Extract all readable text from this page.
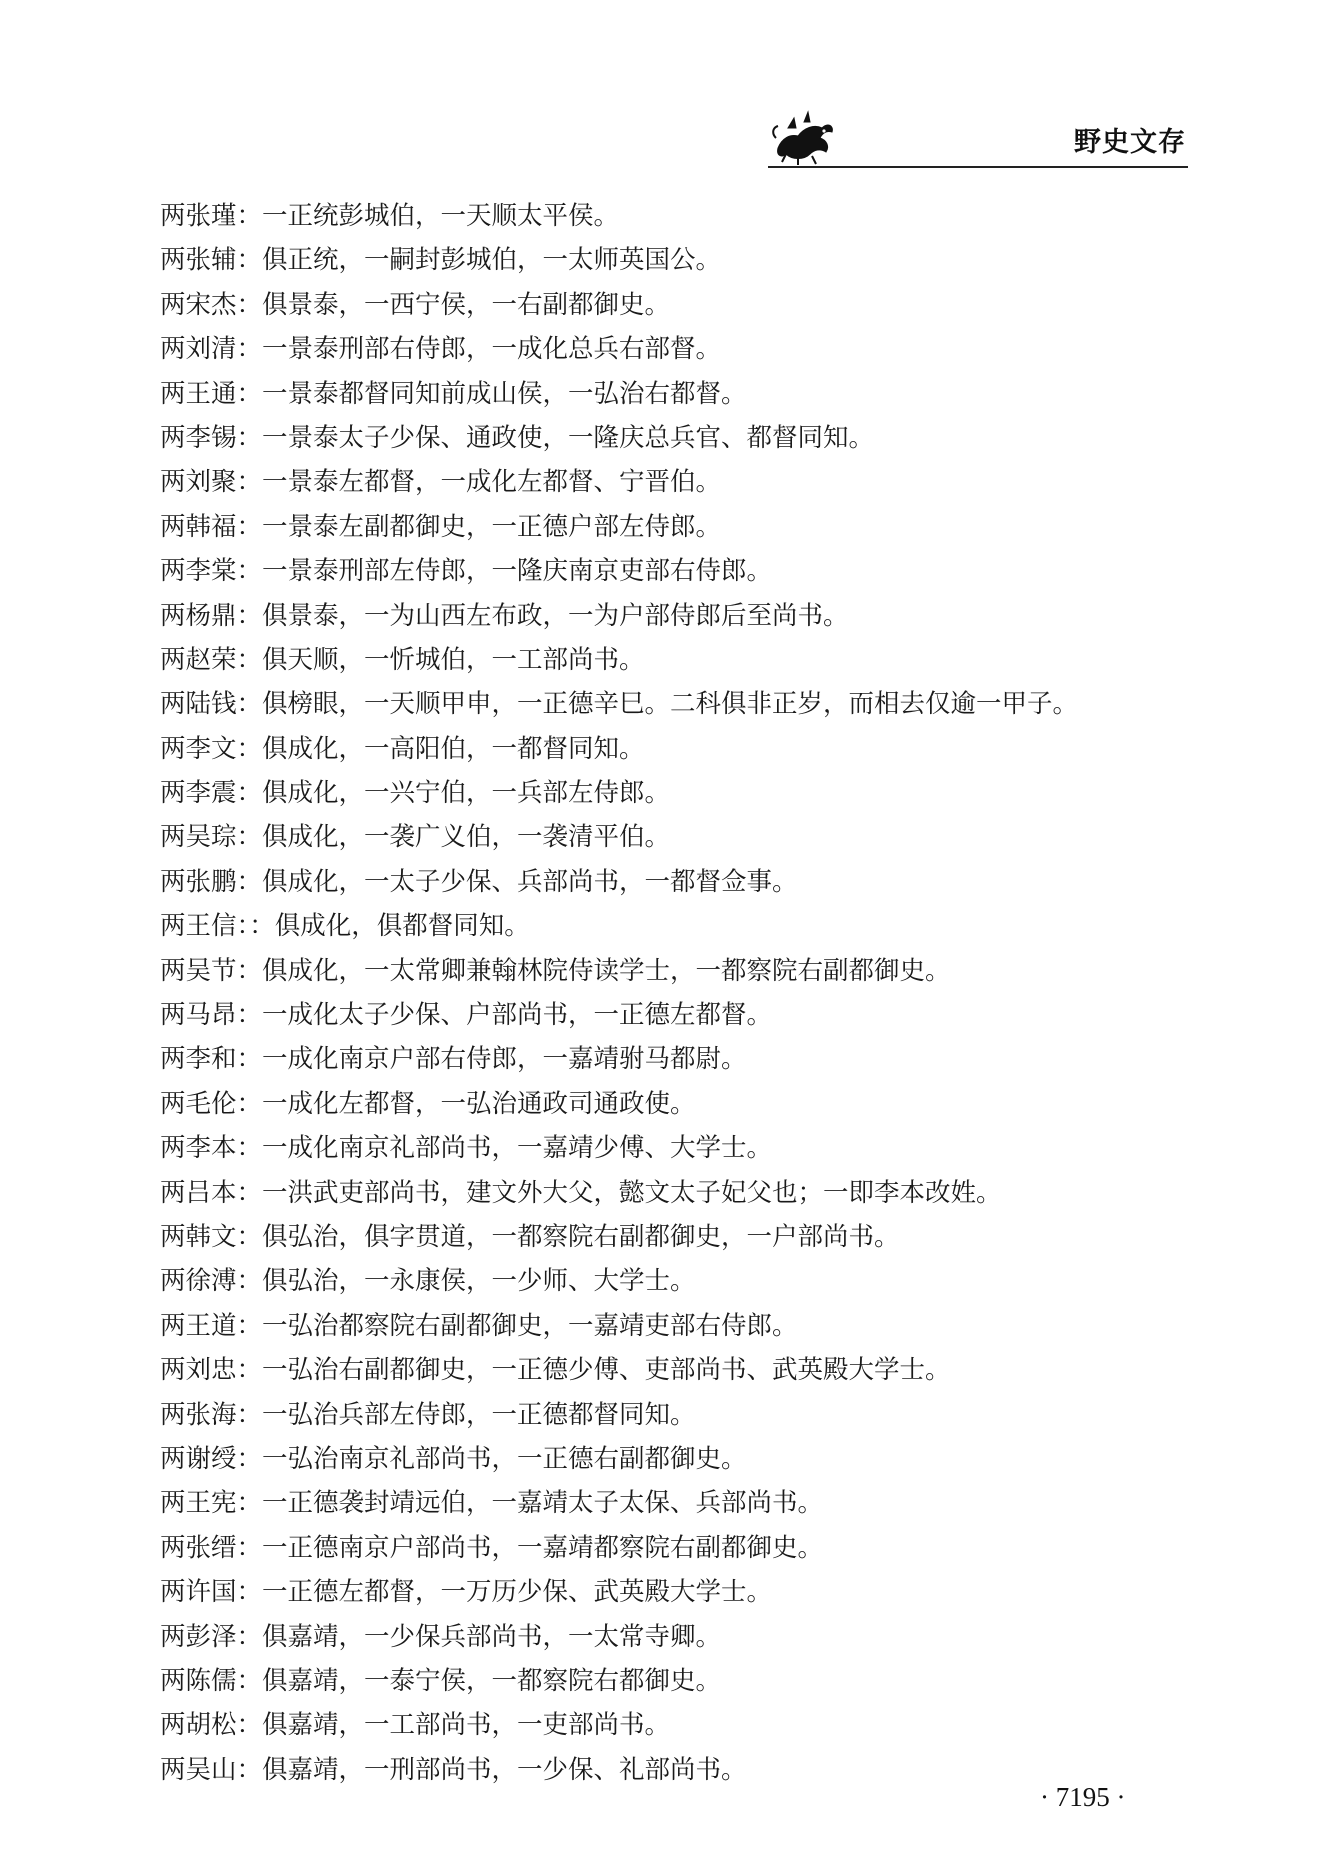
野史文存
两张瑾：一正统彭城伯，一天顺太平侯。
两张辅：俱正统，一嗣封彭城伯，一太师英国公。
两宋杰：俱景泰，一西宁侯，一右副都御史。
两刘清：一景泰刑部右侍郎，一成化总兵右部督。
两王通：一景泰都督同知前成山侯，一弘治右都督。
两李锡：一景泰太子少保、通政使，一隆庆总兵官、都督同知。
两刘聚：一景泰左都督，一成化左都督、宁晋伯。
两韩福：一景泰左副都御史，一正德户部左侍郎。
两李棠：一景泰刑部左侍郎，一隆庆南京吏部右侍郎。
两杨鼎：俱景泰，一为山西左布政，一为户部侍郎后至尚书。
两赵荣：俱天顺，一忻城伯，一工部尚书。
两陆钱：俱榜眼，一天顺甲申，一正德辛巳。二科俱非正岁，而相去仅逾一甲子。
两李文：俱成化，一高阳伯，一都督同知。
两李震：俱成化，一兴宁伯，一兵部左侍郎。
两吴琮：俱成化，一袭广义伯，一袭清平伯。
两张鹏：俱成化，一太子少保、兵部尚书，一都督佥事。
两王信：：俱成化，俱都督同知。
两吴节：俱成化，一太常卿兼翰林院侍读学士，一都察院右副都御史。
两马昂：一成化太子少保、户部尚书，一正德左都督。
两李和：一成化南京户部右侍郎，一嘉靖驸马都尉。
两毛伦：一成化左都督，一弘治通政司通政使。
两李本：一成化南京礼部尚书，一嘉靖少傅、大学士。
两吕本：一洪武吏部尚书，建文外大父，懿文太子妃父也；一即李本改姓。
两韩文：俱弘治，俱字贯道，一都察院右副都御史，一户部尚书。
两徐溥：俱弘治，一永康侯，一少师、大学士。
两王道：一弘治都察院右副都御史，一嘉靖吏部右侍郎。
两刘忠：一弘治右副都御史，一正德少傅、吏部尚书、武英殿大学士。
两张海：一弘治兵部左侍郎，一正德都督同知。
两谢绶：一弘治南京礼部尚书，一正德右副都御史。
两王宪：一正德袭封靖远伯，一嘉靖太子太保、兵部尚书。
两张缙：一正德南京户部尚书，一嘉靖都察院右副都御史。
两许国：一正德左都督，一万历少保、武英殿大学士。
两彭泽：俱嘉靖，一少保兵部尚书，一太常寺卿。
两陈儒：俱嘉靖，一泰宁侯，一都察院右都御史。
两胡松：俱嘉靖，一工部尚书，一吏部尚书。
两吴山：俱嘉靖，一刑部尚书，一少保、礼部尚书。
· 7195 ·
